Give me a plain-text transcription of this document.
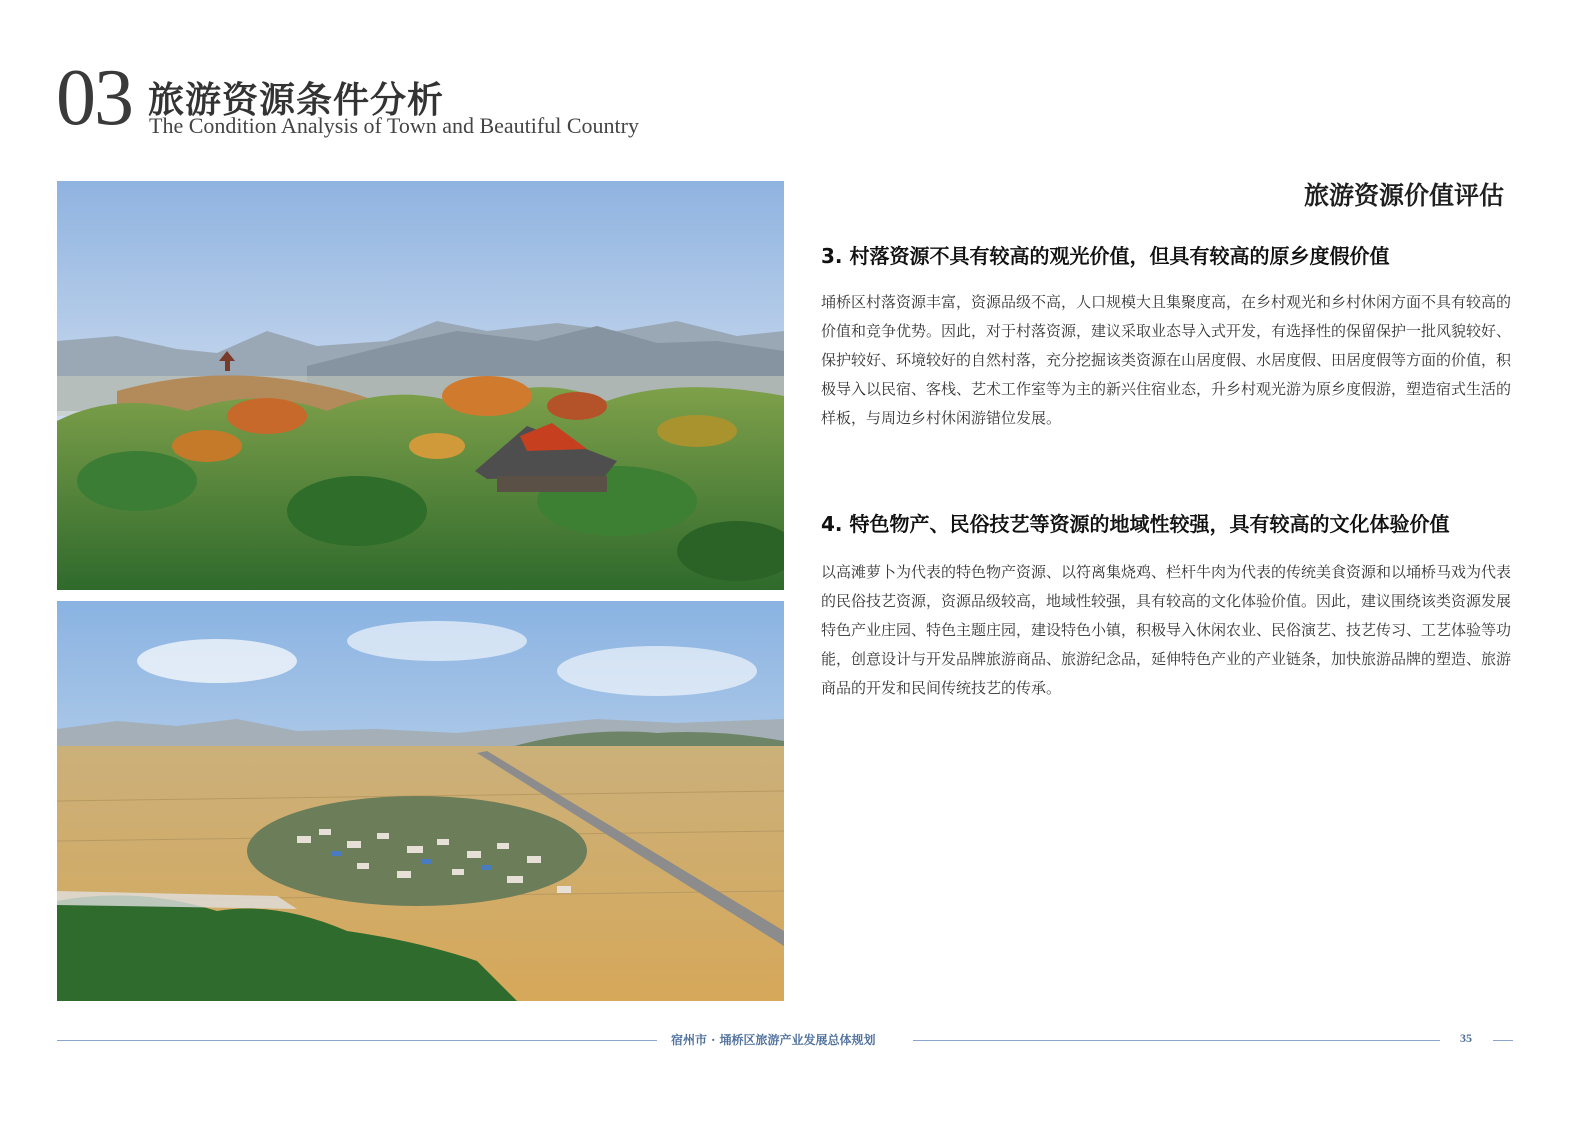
03 旅游资源条件分析
The Condition Analysis of Town and Beautiful Country
旅游资源价值评估
3. 村落资源不具有较高的观光价值，但具有较高的原乡度假价值
埇桥区村落资源丰富，资源品级不高，人口规模大且集聚度高，在乡村观光和乡村休闲方面不具有较高的价值和竞争优势。因此，对于村落资源，建议采取业态导入式开发，有选择性的保留保护一批风貌较好、保护较好、环境较好的自然村落，充分挖掘该类资源在山居度假、水居度假、田居度假等方面的价值，积极导入以民宿、客栈、艺术工作室等为主的新兴住宿业态，升乡村观光游为原乡度假游，塑造宿式生活的样板，与周边乡村休闲游错位发展。
4. 特色物产、民俗技艺等资源的地域性较强，具有较高的文化体验价值
以高滩萝卜为代表的特色物产资源、以符离集烧鸡、栏杆牛肉为代表的传统美食资源和以埇桥马戏为代表的民俗技艺资源，资源品级较高，地域性较强，具有较高的文化体验价值。因此，建议围绕该类资源发展特色产业庄园、特色主题庄园，建设特色小镇，积极导入休闲农业、民俗演艺、技艺传习、工艺体验等功能，创意设计与开发品牌旅游商品、旅游纪念品，延伸特色产业的产业链条，加快旅游品牌的塑造、旅游商品的开发和民间传统技艺的传承。
宿州市 · 埇桥区旅游产业发展总体规划	35
